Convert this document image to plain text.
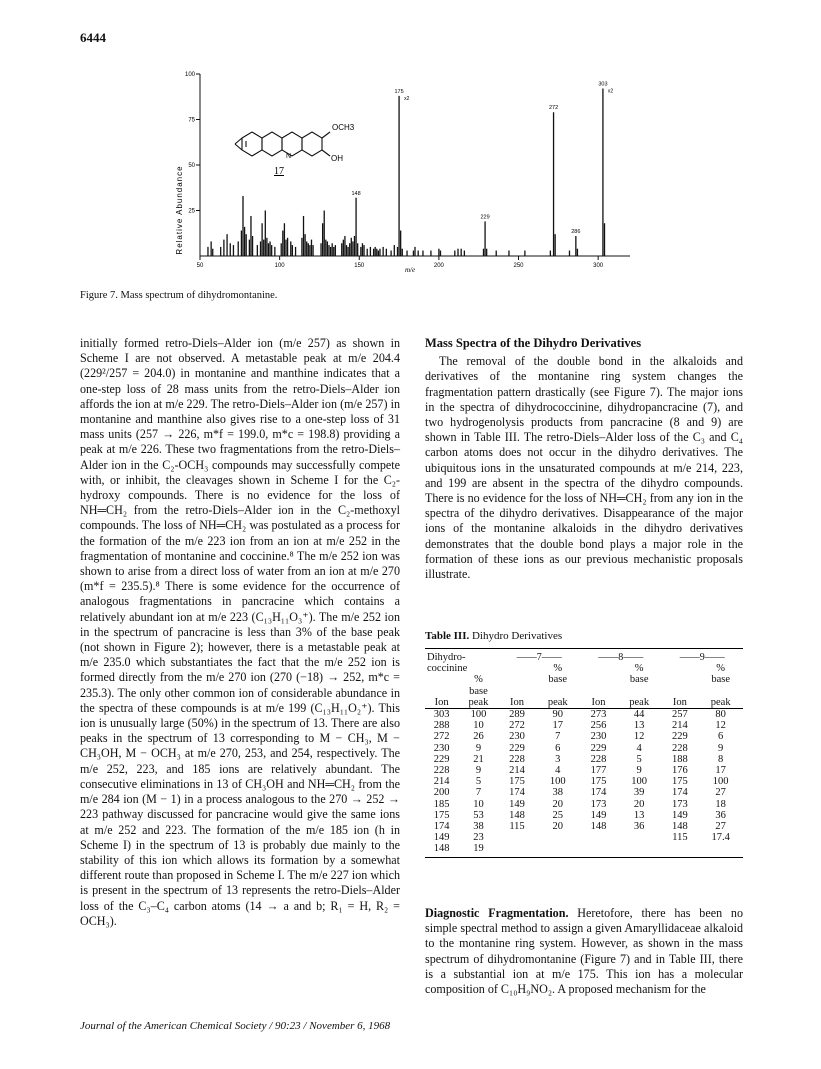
6444
25
50
75
100
50	100	150	200	250	300
175
x2
272
303
x2
148
229
286
Relative Abundance
m/e
OCH3
OH
N
17
Figure 7. Mass spectrum of dihydromontanine.

initially formed retro-Diels–Alder ion (m/e 257) as shown in Scheme I are not observed. A metastable peak at m/e 204.4 (229²/257 = 204.0) in montanine and manthine indicates that a one-step loss of 28 mass units from the retro-Diels–Alder ion affords the ion at m/e 229. The retro-Diels–Alder ion (m/e 257) in montanine and manthine also gives rise to a one-step loss of 31 mass units (257 → 226, m*f = 199.0, m*c = 198.8) providing a peak at m/e 226. These two fragmentations from the retro-Diels–Alder ion in the C₂-OCH₃ compounds may successfully compete with, or inhibit, the cleavages shown in Scheme I for the C₂-hydroxy compounds. There is no evidence for the loss of NH═CH₂ from the retro-Diels–Alder ion in the C₂-methoxyl compounds. The loss of NH═CH₂ was postulated as a process for the formation of the m/e 223 ion from an ion at m/e 252 in the fragmentation of montanine and coccinine.⁸ The m/e 252 ion was shown to arise from a direct loss of water from an ion at m/e 270 (m*f = 235.5).⁸ There is some evidence for the occurrence of analogous fragmentations in pancracine which contains a relatively abundant ion at m/e 223 (C₁₃H₁₁O₃⁺). The m/e 252 ion in the spectrum of pancracine is less than 3% of the base peak (not shown in Figure 2); however, there is a metastable peak at m/e 235.0 which substantiates the fact that the m/e 252 ion is formed directly from the m/e 270 ion (270 (−18) → 252, m*c = 235.3). The only other common ion of considerable abundance in the spectra of these compounds is at m/e 199 (C₁₃H₁₁O₂⁺). This ion is unusually large (50%) in the spectrum of 13. There are also peaks in the spectrum of 13 corresponding to M − CH₃, M − CH₃OH, M − OCH₃ at m/e 270, 253, and 254, respectively. The m/e 252, 223, and 185 ions are relatively abundant. The consecutive eliminations in 13 of CH₃OH and NH═CH₂ from the m/e 284 ion (M − 1) in a process analogous to the 270 → 252 → 223 pathway discussed for pancracine would give the same ions at m/e 252 and 223. The formation of the m/e 185 ion (h in Scheme I) in the spectrum of 13 is probably due mainly to the stability of this ion which allows its formation by a somewhat different route than proposed in Scheme I. The m/e 227 ion which is present in the spectrum of 13 represents the retro-Diels–Alder loss of the C₃–C₄ carbon atoms (14 → a and b; R₁ = H, R₂ = OCH₃).

Mass Spectra of the Dihydro Derivatives

The removal of the double bond in the alkaloids and derivatives of the montanine ring system changes the fragmentation pattern drastically (see Figure 7). The major ions in the spectra of dihydrococcinine, dihydropancracine (7), and two hydrogenolysis products from pancracine (8 and 9) are shown in Table III. The retro-Diels–Alder loss of the C₃ and C₄ carbon atoms does not occur in the dihydro derivatives. The ubiquitous ions in the unsaturated compounds at m/e 214, 223, and 199 are absent in the spectra of the dihydro compounds. There is no evidence for the loss of NH═CH₂ from any ion in the spectra of the dihydro derivatives. Disappearance of the major ions of the montanine alkaloids in the dihydro derivatives demonstrates that the double bond plays a major role in the formation of these ions as our previous mechanistic proposals illustrate.

Table III. Dihydro Derivatives
Dihydro-		——7——		——8——		——9——	
coccinine			%		%		%
	%		base		base		base
	base						
Ion	peak	Ion	peak	Ion	peak	Ion	peak
303	100	289	90	273	44	257	80
288	10	272	17	256	13	214	12
272	26	230	7	230	12	229	6
230	9	229	6	229	4	228	9
229	21	228	3	228	5	188	8
228	9	214	4	177	9	176	17
214	5	175	100	175	100	175	100
200	7	174	38	174	39	174	27
185	10	149	20	173	20	173	18
175	53	148	25	149	13	149	36
174	38	115	20	148	36	148	27
149	23					115	17.4
148	19						
Diagnostic Fragmentation. Heretofore, there has been no simple spectral method to assign a given Amaryllidaceae alkaloid to the montanine ring system. However, as shown in the mass spectrum of dihydromontanine (Figure 7) and in Table III, there is a substantial ion at m/e 175. This ion has a molecular composition of C₁₀H₉NO₂. A proposed mechanism for the
Journal of the American Chemical Society / 90:23 / November 6, 1968
